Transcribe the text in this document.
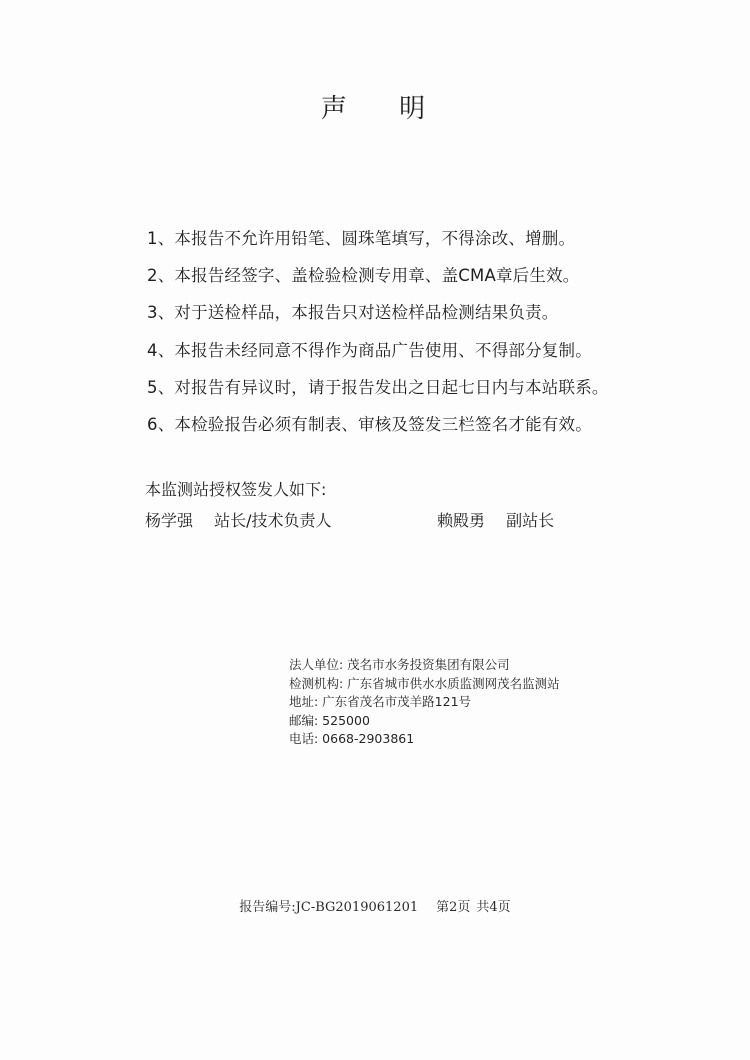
声 明
1、本报告不允许用铅笔、圆珠笔填写，不得涂改、增删。
2、本报告经签字、盖检验检测专用章、盖CMA章后生效。
3、对于送检样品，本报告只对送检样品检测结果负责。
4、本报告未经同意不得作为商品广告使用、不得部分复制。
5、对报告有异议时，请于报告发出之日起七日内与本站联系。
6、本检验报告必须有制表、审核及签发三栏签名才能有效。
本监测站授权签发人如下:
杨学强 站长/技术负责人	赖殿勇 副站长
法人单位: 茂名市水务投资集团有限公司
检测机构: 广东省城市供水水质监测网茂名监测站
地址: 广东省茂名市茂羊路121号
邮编: 525000
电话: 0668-2903861
报告编号:JC-BG2019061201 第2页 共4页
